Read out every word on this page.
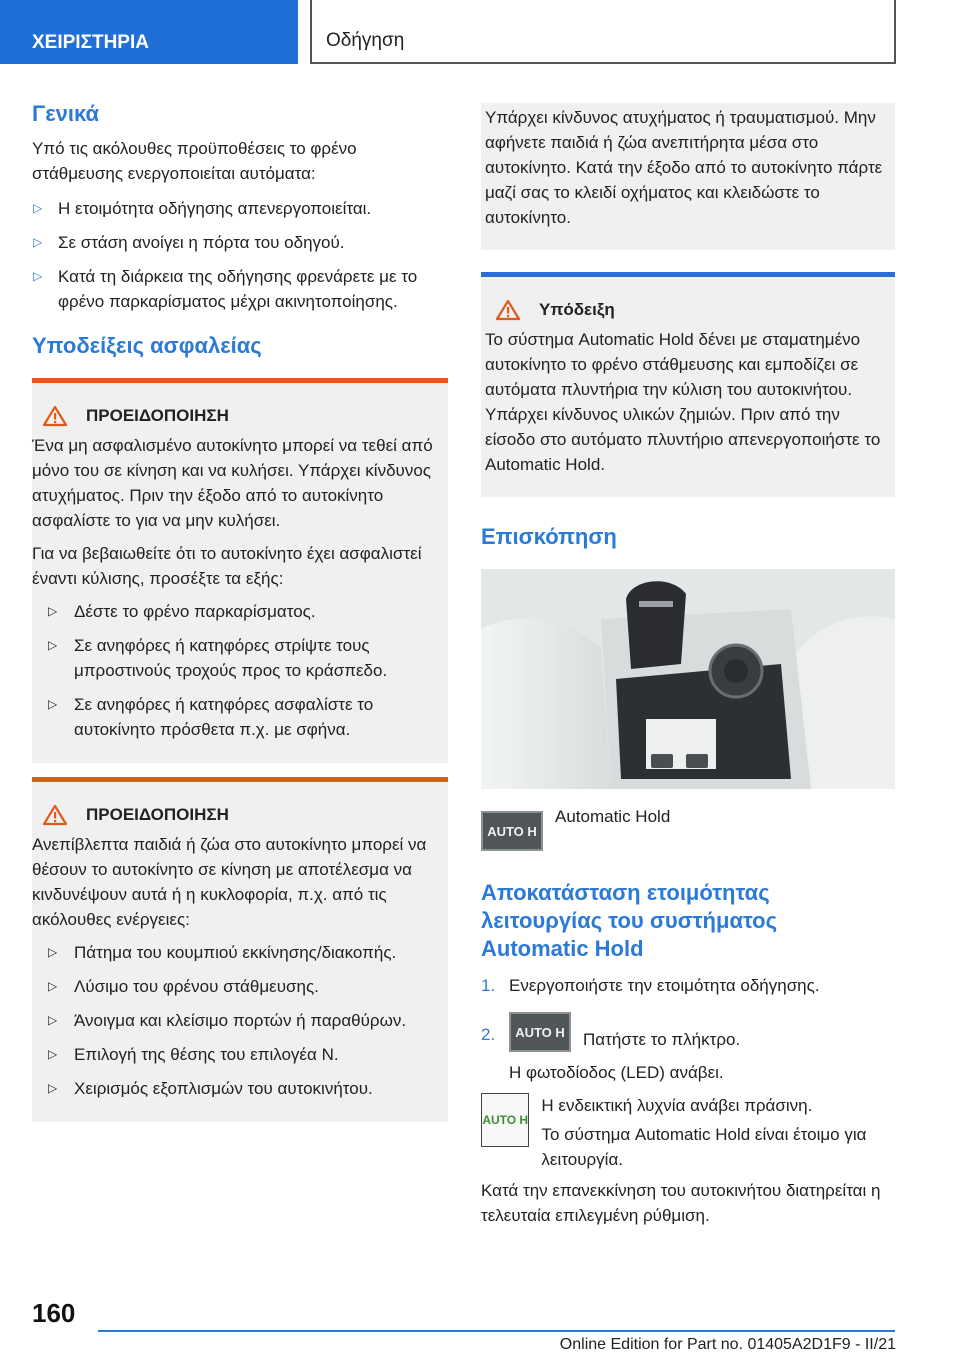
ΧΕΙΡΙΣΤΗΡΙΑ	Οδήγηση
Γενικά

Υπό τις ακόλουθες προϋποθέσεις το φρένο στάθμευσης ενεργοποιείται αυτόματα:

▷ Η ετοιμότητα οδήγησης απενεργοποιείται.
▷ Σε στάση ανοίγει η πόρτα του οδηγού.
▷ Κατά τη διάρκεια της οδήγησης φρενάρετε με το φρένο παρκαρίσματος μέχρι ακινητοποίησης.
Υποδείξεις ασφαλείας
ΠΡΟΕΙΔΟΠΟΙΗΣΗ

Ένα μη ασφαλισμένο αυτοκίνητο μπορεί να τεθεί από μόνο του σε κίνηση και να κυλήσει. Υπάρχει κίνδυνος ατυχήματος. Πριν την έξοδο από το αυτοκίνητο ασφαλίστε το για να μην κυλήσει.

Για να βεβαιωθείτε ότι το αυτοκίνητο έχει ασφαλιστεί έναντι κύλισης, προσέξτε τα εξής:

▷ Δέστε το φρένο παρκαρίσματος.
▷ Σε ανηφόρες ή κατηφόρες στρίψτε τους μπροστινούς τροχούς προς το κράσπεδο.
▷ Σε ανηφόρες ή κατηφόρες ασφαλίστε το αυτοκίνητο πρόσθετα π.χ. με σφήνα.
ΠΡΟΕΙΔΟΠΟΙΗΣΗ

Ανεπίβλεπτα παιδιά ή ζώα στο αυτοκίνητο μπορεί να θέσουν το αυτοκίνητο σε κίνηση με αποτέλεσμα να κινδυνέψουν αυτά ή η κυκλοφορία, π.χ. από τις ακόλουθες ενέργειες:

▷ Πάτημα του κουμπιού εκκίνησης/διακοπής.
▷ Λύσιμο του φρένου στάθμευσης.
▷ Άνοιγμα και κλείσιμο πορτών ή παραθύρων.
▷ Επιλογή της θέσης του επιλογέα N.
▷ Χειρισμός εξοπλισμών του αυτοκινήτου.

Υπάρχει κίνδυνος ατυχήματος ή τραυματισμού. Μην αφήνετε παιδιά ή ζώα ανεπιτήρητα μέσα στο αυτοκίνητο. Κατά την έξοδο από το αυτοκίνητο πάρτε μαζί σας το κλειδί οχήματος και κλειδώστε το αυτοκίνητο.

Υπόδειξη

Το σύστημα Automatic Hold δένει με σταματημένο αυτοκίνητο το φρένο στάθμευσης και εμποδίζει σε αυτόματα πλυντήρια την κύλιση του αυτοκινήτου. Υπάρχει κίνδυνος υλικών ζημιών. Πριν από την είσοδο στο αυτόματο πλυντήριο απενεργοποιήστε το Automatic Hold.

Επισκόπηση
AUTO H
Automatic Hold
Αποκατάσταση ετοιμότητας λειτουργίας του συστήματος Automatic Hold
1. Ενεργοποιήστε την ετοιμότητα οδήγησης.
2.	AUTO H	Πατήστε το πλήκτρο.

Η φωτοδίοδος (LED) ανάβει.

AUTO H

Η ενδεικτική λυχνία ανάβει πράσινη.

Το σύστημα Automatic Hold είναι έτοιμο για λειτουργία.

Κατά την επανεκκίνηση του αυτοκινήτου διατηρείται η τελευταία επιλεγμένη ρύθμιση.

160
Online Edition for Part no. 01405A2D1F9 - II/21
